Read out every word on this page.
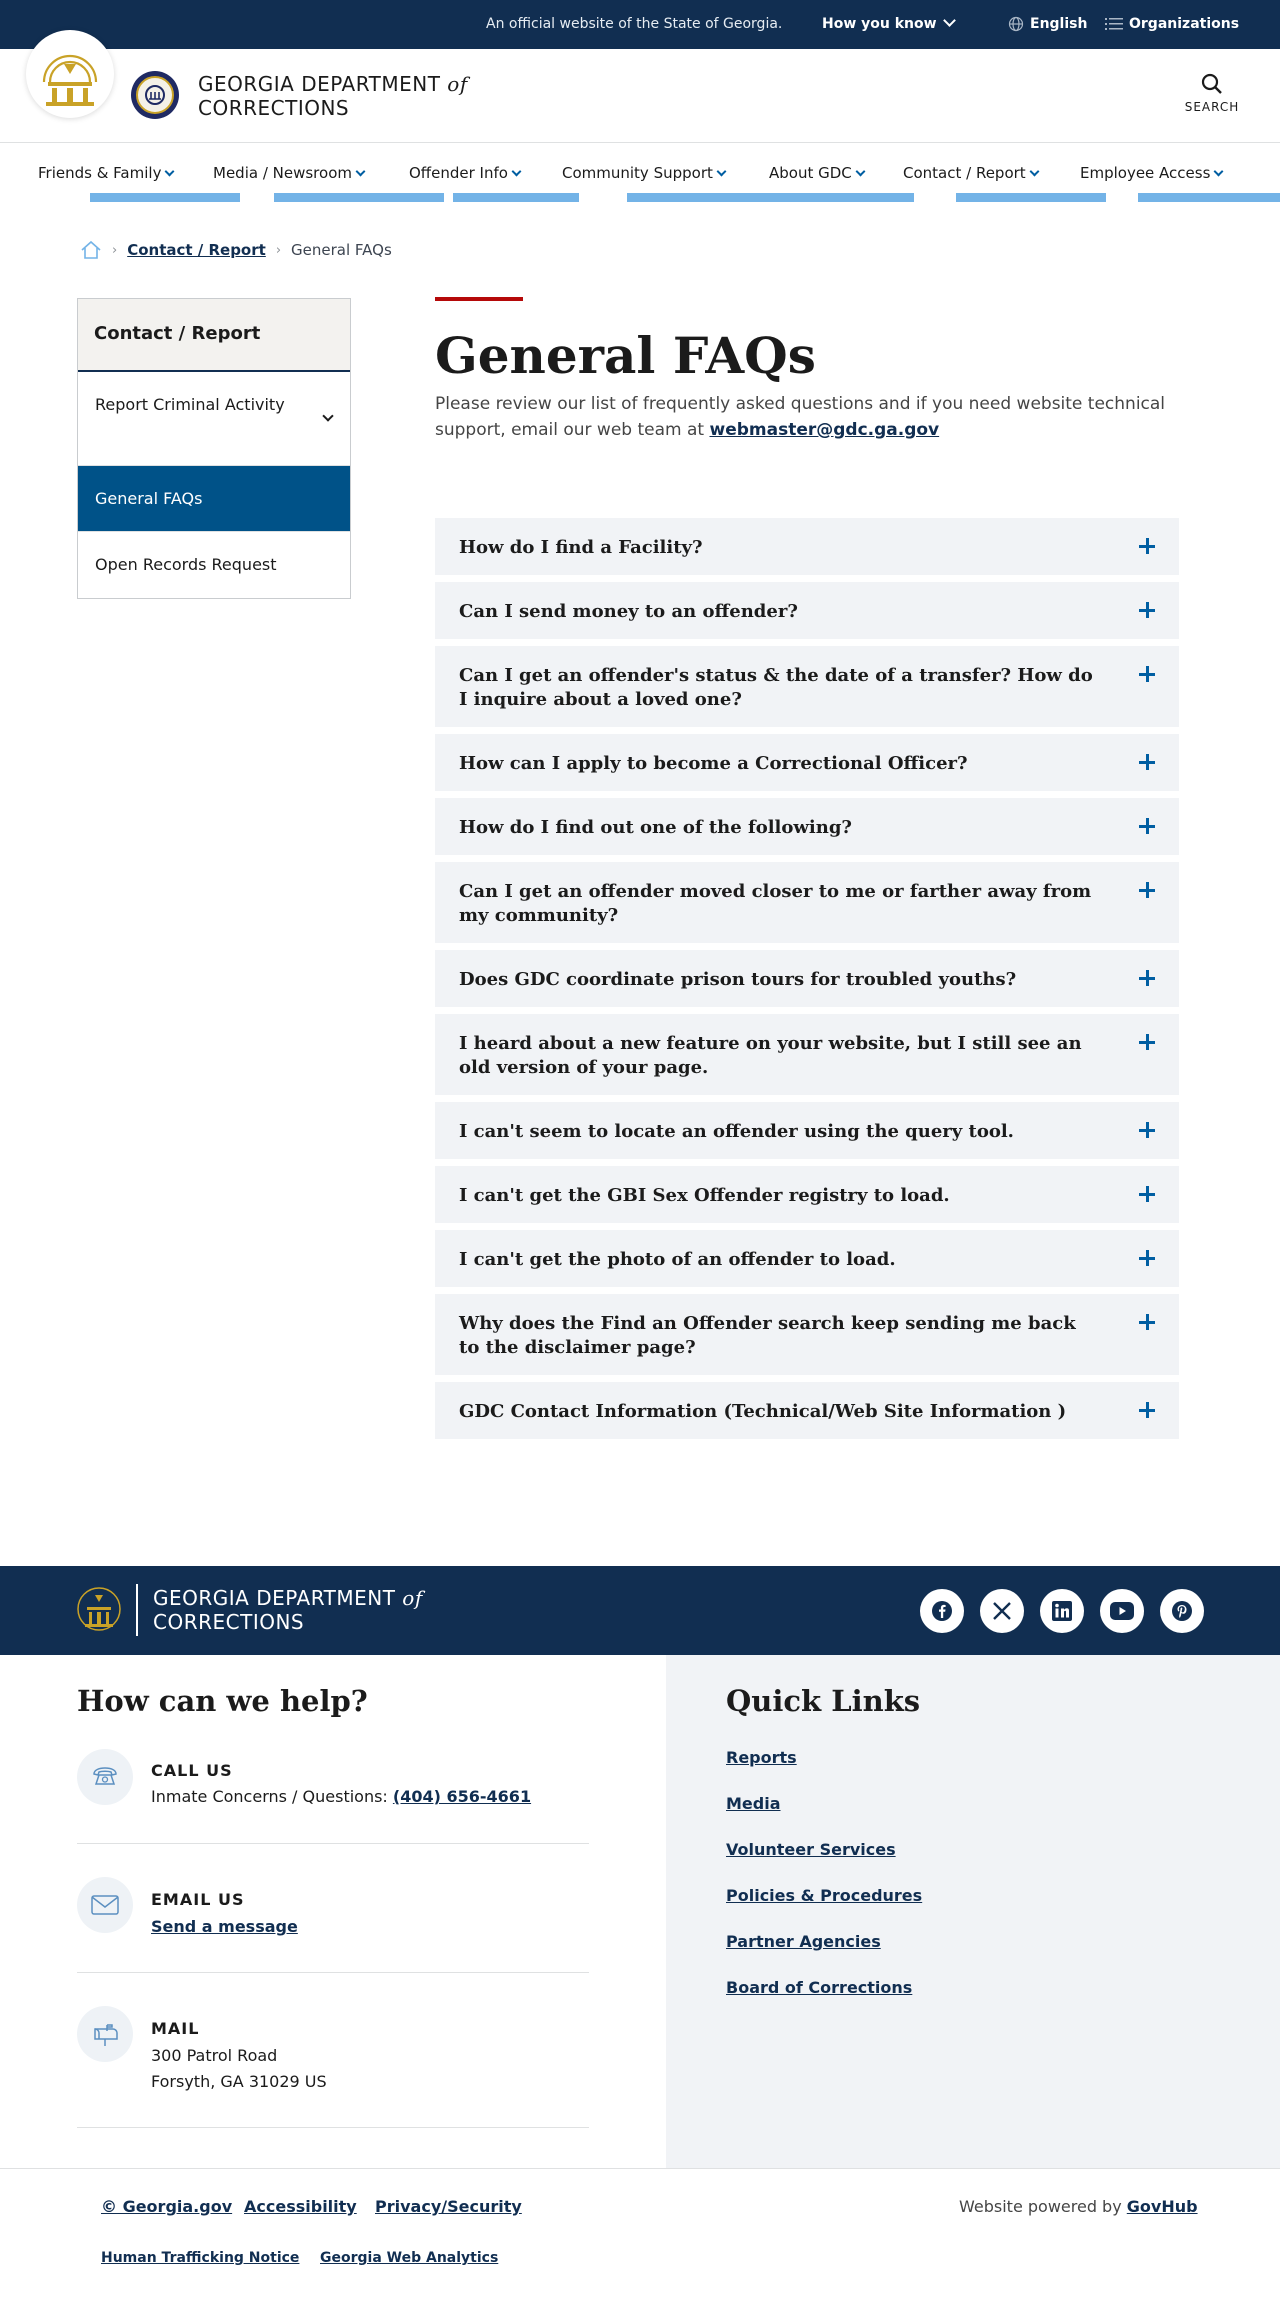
An official website of the State of Georgia.	How you know	English	Organizations
GEORGIA DEPARTMENT of
CORRECTIONS	SEARCH
Friends & Family	Media / Newsroom	Offender Info	Community Support	About GDC	Contact / Report	Employee Access
› Contact / Report › General FAQs
Contact / Report
Report Criminal Activity
General FAQs
Open Records Request
General FAQs

Please review our list of frequently asked questions and if you need website technical support, email our web team at webmaster@gdc.ga.gov

How do I find a Facility?
Can I send money to an offender?
Can I get an offender's status & the date of a transfer? How do I inquire about a loved one?
How can I apply to become a Correctional Officer?
How do I find out one of the following?
Can I get an offender moved closer to me or farther away from my community?
Does GDC coordinate prison tours for troubled youths?
I heard about a new feature on your website, but I still see an old version of your page.
I can't seem to locate an offender using the query tool.
I can't get the GBI Sex Offender registry to load.
I can't get the photo of an offender to load.
Why does the Find an Offender search keep sending me back to the disclaimer page?
GDC Contact Information (Technical/Web Site Information )
GEORGIA DEPARTMENT of
CORRECTIONS
How can we help?
CALL US
Inmate Concerns / Questions: (404) 656-4661
EMAIL US
Send a message
MAIL
300 Patrol Road
Forsyth, GA 31029 US
Quick Links
Reports
Media
Volunteer Services
Policies & Procedures
Partner Agencies
Board of Corrections
© Georgia.gov Accessibility Privacy/Security
Human Trafficking Notice Georgia Web Analytics
Website powered by GovHub
